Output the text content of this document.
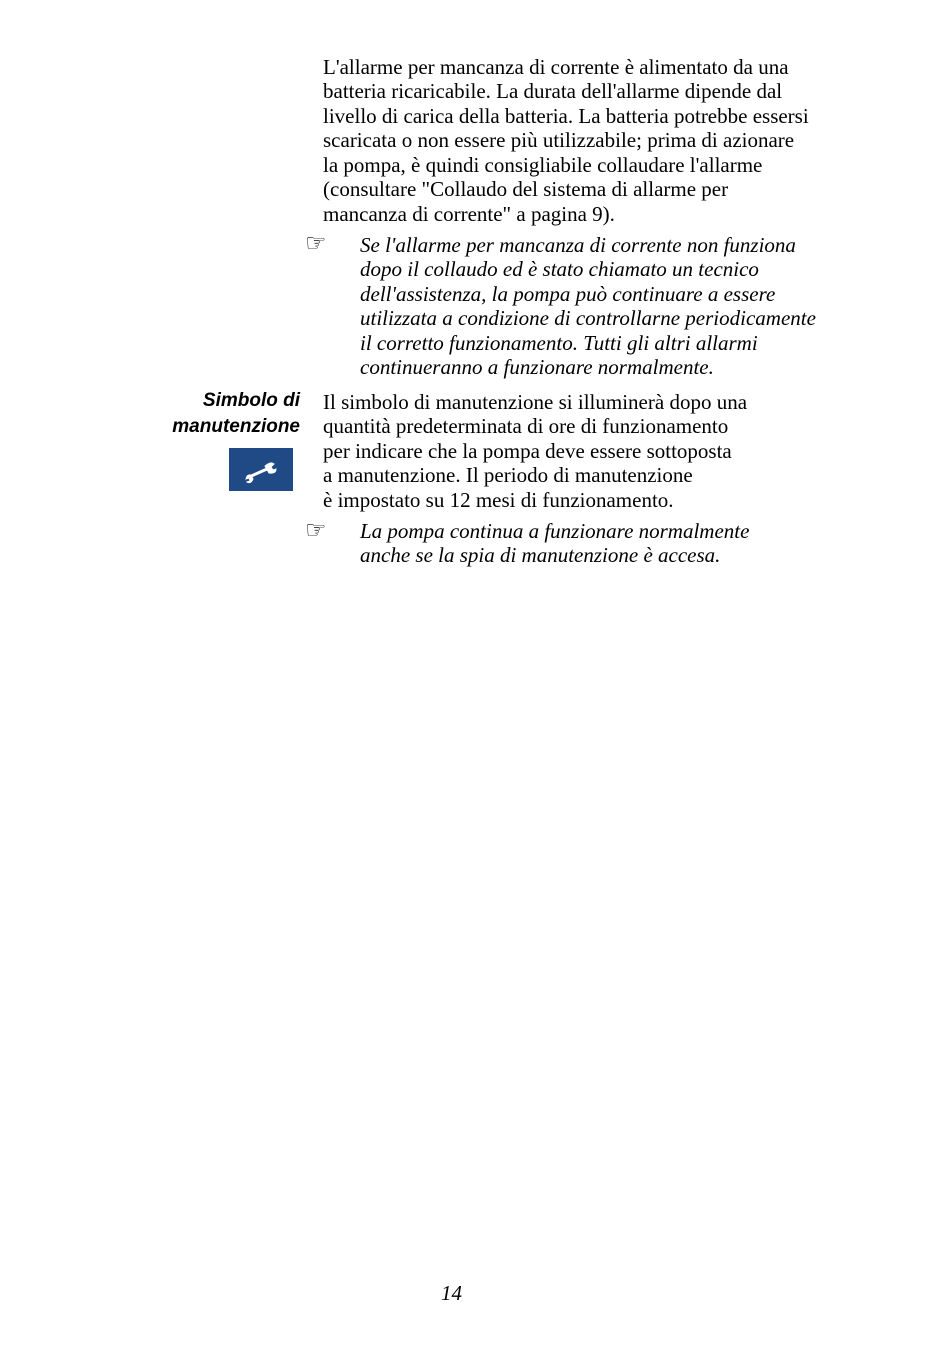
L'allarme per mancanza di corrente è alimentato da una
batteria ricaricabile. La durata dell'allarme dipende dal
livello di carica della batteria. La batteria potrebbe essersi
scaricata o non essere più utilizzabile; prima di azionare
la pompa, è quindi consigliabile collaudare l'allarme
(consultare "Collaudo del sistema di allarme per
mancanza di corrente" a pagina 9).
☞	Se l'allarme per mancanza di corrente non funziona
dopo il collaudo ed è stato chiamato un tecnico
dell'assistenza, la pompa può continuare a essere
utilizzata a condizione di controllarne periodicamente
il corretto funzionamento. Tutti gli altri allarmi
continueranno a funzionare normalmente.
Simbolo di
manutenzione
Il simbolo di manutenzione si illuminerà dopo una
quantità predeterminata di ore di funzionamento
per indicare che la pompa deve essere sottoposta
a manutenzione. Il periodo di manutenzione
è impostato su 12 mesi di funzionamento.
☞	La pompa continua a funzionare normalmente
anche se la spia di manutenzione è accesa.
14
